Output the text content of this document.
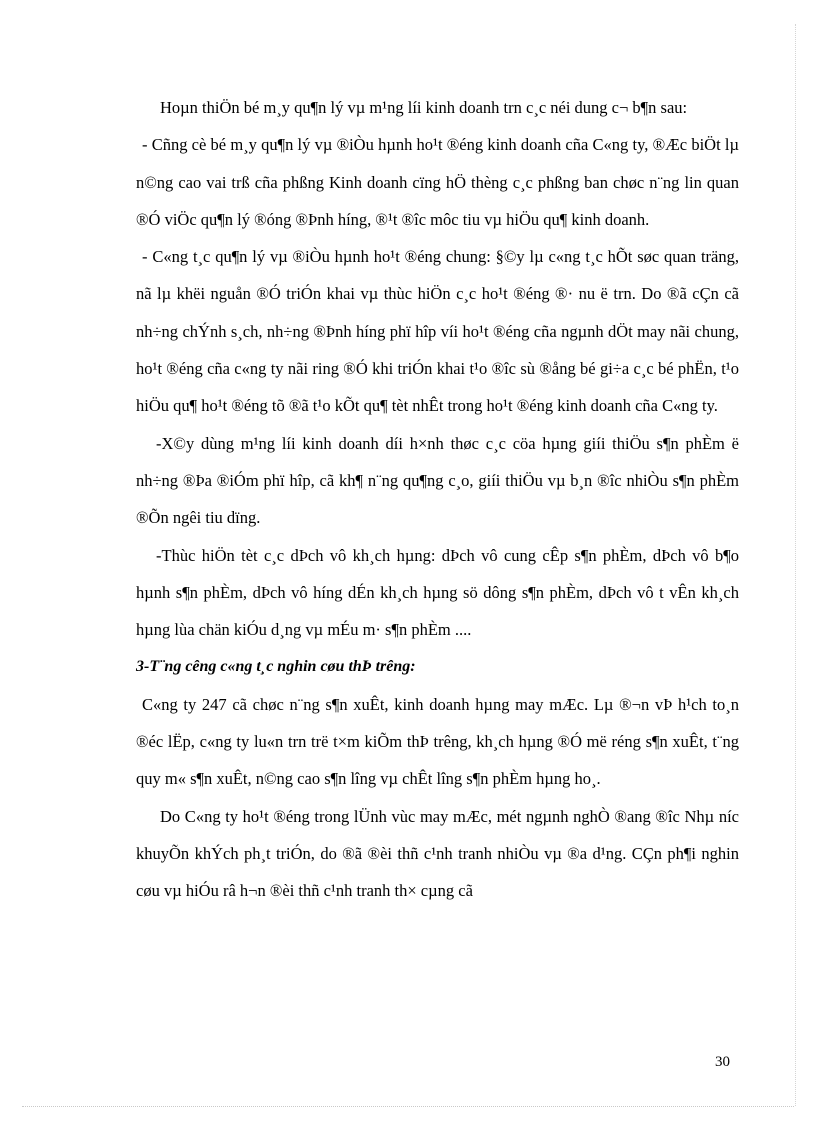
Hoµn thiÖn bé m¸y qu¶n lý vµ m¹ng líi kinh doanh trn c¸c néi dung c¬ b¶n sau:

- Cñng cè bé m¸y qu¶n lý vµ ®iÒu hµnh ho¹t ®éng kinh doanh cña C«ng ty, ®Æc biÖt lµ n©ng cao vai trß cña phßng Kinh doanh cïng hÖ thèng c¸c phßng ban chøc n¨ng lin quan ®Ó viÖc qu¶n lý ®óng ®Þnh híng, ®¹t ®îc môc tiu vµ hiÖu qu¶ kinh doanh.

- C«ng t¸c qu¶n lý vµ ®iÒu hµnh ho¹t ®éng chung: §©y lµ c«ng t¸c hÕt søc quan träng, nã lµ khëi nguån ®Ó triÓn khai vµ thùc hiÖn c¸c ho¹t ®éng ®· nu ë trn. Do ®ã cÇn cã nh÷ng chÝnh s¸ch, nh÷ng ®Þnh híng phï hîp víi ho¹t ®éng cña ngµnh dÖt may nãi chung, ho¹t ®éng cña c«ng ty nãi ring ®Ó khi triÓn khai t¹o ®îc sù ®ång bé gi÷a c¸c bé phËn, t¹o hiÖu qu¶ ho¹t ®éng tõ ®ã t¹o kÕt qu¶ tèt nhÊt trong ho¹t ®éng kinh doanh cña C«ng ty.

-X©y dùng m¹ng líi kinh doanh díi h×nh thøc c¸c cöa hµng giíi thiÖu s¶n phÈm ë nh÷ng ®Þa ®iÓm phï hîp, cã kh¶ n¨ng qu¶ng c¸o, giíi thiÖu vµ b¸n ®îc nhiÒu s¶n phÈm ®Õn ngêi tiu dïng.

-Thùc hiÖn tèt c¸c dÞch vô kh¸ch hµng: dÞch vô cung cÊp s¶n phÈm, dÞch vô b¶o hµnh s¶n phÈm, dÞch vô híng dÉn kh¸ch hµng sö dông s¶n phÈm, dÞch vô t vÊn kh¸ch hµng lùa chän kiÓu d¸ng vµ mÉu m· s¶n phÈm ....

3-T¨ng cêng c«ng t¸c nghin cøu thÞ trêng:

C«ng ty 247 cã chøc n¨ng s¶n xuÊt, kinh doanh hµng may mÆc. Lµ ®¬n vÞ h¹ch to¸n ®éc lËp, c«ng ty lu«n trn trë t×m kiÕm thÞ trêng, kh¸ch hµng ®Ó më réng s¶n xuÊt, t¨ng quy m« s¶n xuÊt, n©ng cao s¶n lîng vµ chÊt lîng s¶n phÈm hµng ho¸.

Do C«ng ty ho¹t ®éng trong lÜnh vùc may mÆc, mét ngµnh nghÒ ®ang ®îc Nhµ níc khuyÕn khÝch ph¸t triÓn, do ®ã ®èi thñ c¹nh tranh nhiÒu vµ ®a d¹ng. CÇn ph¶i nghin cøu vµ hiÓu râ h¬n ®èi thñ c¹nh tranh th× cµng cã

30
